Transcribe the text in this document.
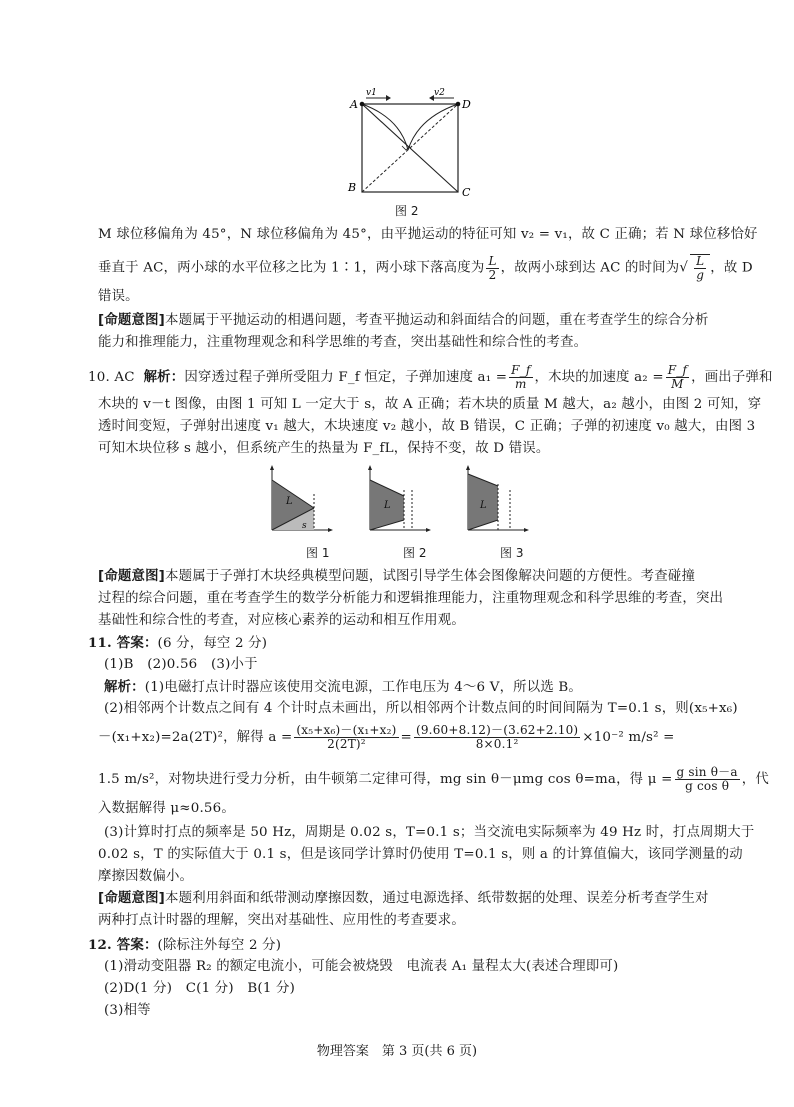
A	D
B	C
v1	v2
图 2
M 球位移偏角为 45°，N 球位移偏角为 45°，由平抛运动的特征可知 v₂ = v₁，故 C 正确；若 N 球位移恰好
垂直于 AC，两小球的水平位移之比为 1∶1，两小球下落高度为 $\frac{L}{2}$ ，故两小球到达 AC 的时间为√ $\frac{L}{g}$ ，故 D
错误。
[命题意图]本题属于平抛运动的相遇问题，考查平抛运动和斜面结合的问题，重在考查学生的综合分析
能力和推理能力，注重物理观念和科学思维的考查，突出基础性和综合性的考查。
10. AC 解析：因穿透过程子弹所受阻力 F_f 恒定，子弹加速度 $a_1 = \frac{F\_f}{m}$ ，木块的加速度 $a_2 = \frac{F\_f}{M}$ ，画出子弹和
木块的 v－t 图像，由图 1 可知 L 一定大于 s，故 A 正确；若木块的质量 M 越大，a₂ 越小，由图 2 可知，穿
透时间变短，子弹射出速度 v₁ 越大，木块速度 v₂ 越小，故 B 错误，C 正确；子弹的初速度 v₀ 越大，由图 3
可知木块位移 s 越小，但系统产生的热量为 F_fL，保持不变，故 D 错误。
L
s
L	L
图 1	图 2	图 3
[命题意图]本题属于子弹打木块经典模型问题，试图引导学生体会图像解决问题的方便性。考查碰撞
过程的综合问题，重在考查学生的数学分析能力和逻辑推理能力，注重物理观念和科学思维的考查，突出
基础性和综合性的考查，对应核心素养的运动和相互作用观。
11. 答案：(6 分，每空 2 分)
(1)B　(2)0.56　(3)小于
解析：(1)电磁打点计时器应该使用交流电源，工作电压为 4～6 V，所以选 B。
(2)相邻两个计数点之间有 4 个计时点未画出，所以相邻两个计数点间的时间间隔为 T=0.1 s，则(x₅+x₆)
－(x₁+x₂)=2a(2T)²，解得 $a = \frac{\text{(x₅+x₆)－(x₁+x₂)}}{\text{2(2T)²}} = \frac{(9.60+8.12)-(3.62+2.10)}{\text{8×0.1²}} \times 10^{-2}$ m/s² =
1.5 m/s²，对物块进行受力分析，由牛顿第二定律可得，mg sin θ－μmg cos θ=ma，得 $\mu = \frac{\text{g sin θ－a}}{\text{g cos θ}}$ ，代
入数据解得 μ≈0.56。
(3)计算时打点的频率是 50 Hz，周期是 0.02 s，T=0.1 s；当交流电实际频率为 49 Hz 时，打点周期大于
0.02 s，T 的实际值大于 0.1 s，但是该同学计算时仍使用 T=0.1 s，则 a 的计算值偏大，该同学测量的动
摩擦因数偏小。
[命题意图]本题利用斜面和纸带测动摩擦因数，通过电源选择、纸带数据的处理、误差分析考查学生对
两种打点计时器的理解，突出对基础性、应用性的考查要求。
12. 答案：(除标注外每空 2 分)
(1)滑动变阻器 R₂ 的额定电流小，可能会被烧毁　电流表 A₁ 量程太大(表述合理即可)
(2)D(1 分)　C(1 分)　B(1 分)
(3)相等
物理答案　第 3 页(共 6 页)
